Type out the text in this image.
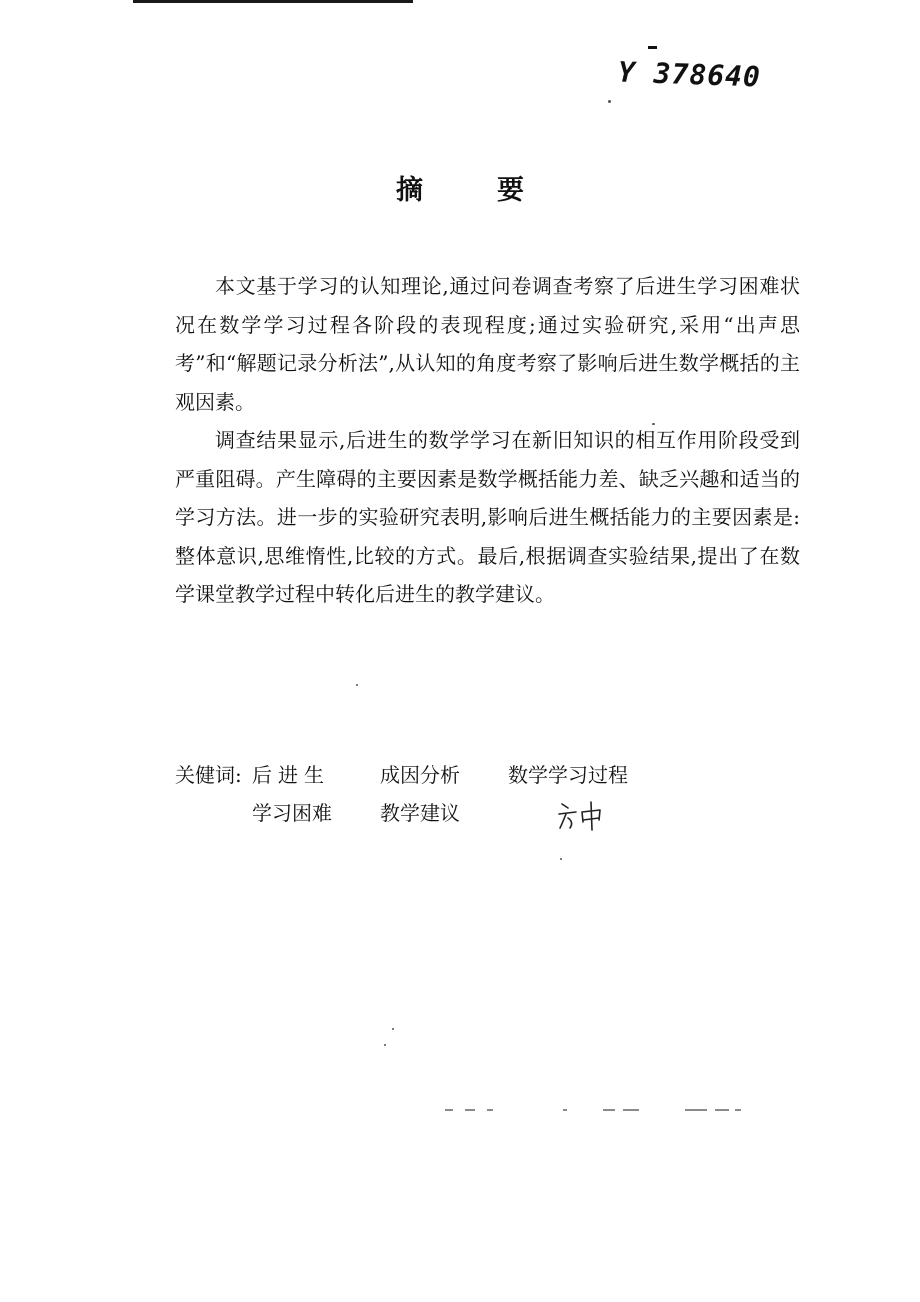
Y 378640
摘要

本文基于学习的认知理论,通过问卷调查考察了后进生学习困难状况在数学学习过程各阶段的表现程度;通过实验研究,采用“出声思考”和“解题记录分析法”,从认知的角度考察了影响后进生数学概括的主观因素。

调查结果显示,后进生的数学学习在新旧知识的相互作用阶段受到严重阻碍。产生障碍的主要因素是数学概括能力差、缺乏兴趣和适当的学习方法。进一步的实验研究表明,影响后进生概括能力的主要因素是:整体意识,思维惰性,比较的方式。最后,根据调查实验结果,提出了在数学课堂教学过程中转化后进生的教学建议。

关健词: 后进生	成因分析	数学学习过程
学习困难	教学建议
